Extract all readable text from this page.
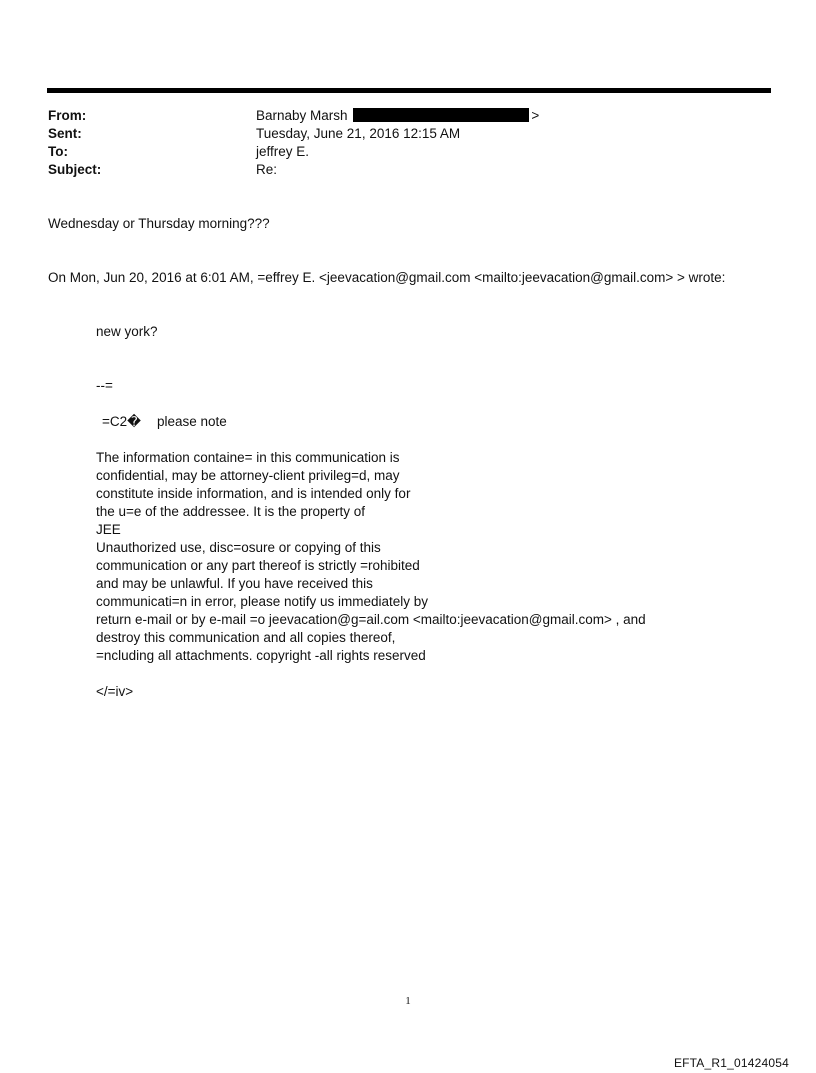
From:	Barnaby Marsh	>
Sent:	Tuesday, June 21, 2016 12:15 AM
To:	jeffrey E.
Subject:	Re:
Wednesday or Thursday morning???
On Mon, Jun 20, 2016 at 6:01 AM, =effrey E. <jeevacation@gmail.com <mailto:jeevacation@gmail.com> > wrote:
new york?
--=
=C2� please note
The information containe= in this communication is
confidential, may be attorney-client privileg=d, may
constitute inside information, and is intended only for
the u=e of the addressee. It is the property of
JEE
Unauthorized use, disc=osure or copying of this
communication or any part thereof is strictly =rohibited
and may be unlawful. If you have received this
communicati=n in error, please notify us immediately by
return e-mail or by e-mail =o jeevacation@g=ail.com <mailto:jeevacation@gmail.com> , and
destroy this communication and all copies thereof,
=ncluding all attachments. copyright -all rights reserved
</=iv>
1
EFTA_R1_01424054
